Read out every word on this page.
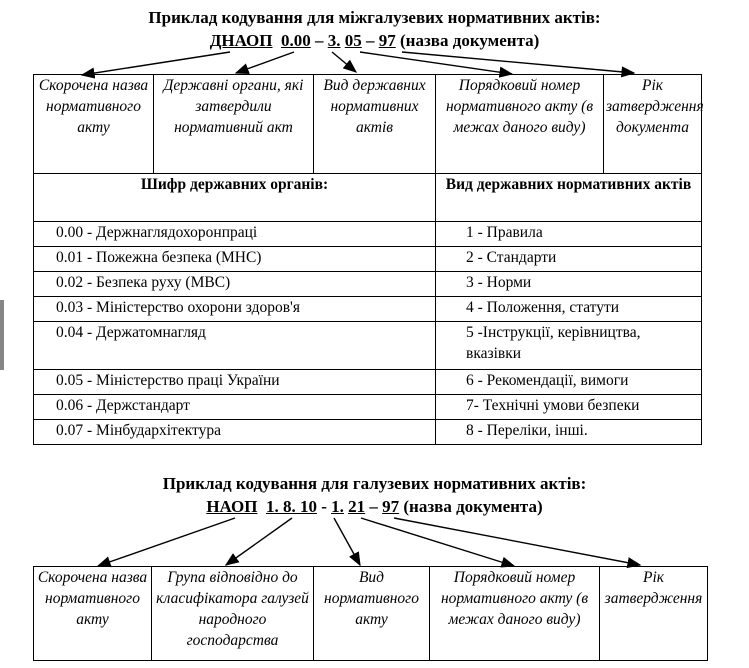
Приклад кодування для міжгалузевих нормативних актів:
ДНАОП 0.00 – 3. 05 – 97 (назва документа)
Скорочена назва нормативного акту	Державні органи, які затвердили нормативний акт	Вид державних нормативних актів	Порядковий номер нормативного акту (в межах даного виду)	Рік затвердження документа
Шифр державних органів:	Вид державних нормативних актів
0.00 - Держнаглядохоронпраці	1 - Правила
0.01 - Пожежна безпека (МНС)	2 - Стандарти
0.02 - Безпека руху (МВС)	3 - Норми
0.03 - Міністерство охорони здоров'я	4 - Положення, статути
0.04 - Держатомнагляд	5 -Інструкції, керівництва, вказівки
0.05 - Міністерство праці України	6 - Рекомендації, вимоги
0.06 - Держстандарт	7- Технічні умови безпеки
0.07 - Мінбудархітектура	8 - Переліки, інші.
Приклад кодування для галузевих нормативних актів:
НАОП 1. 8. 10 - 1. 21 – 97 (назва документа)
Скорочена назва нормативного акту	Група відповідно до класифікатора галузей народного господарства	Вид нормативного акту	Порядковий номер нормативного акту (в межах даного виду)	Рік затвердження
